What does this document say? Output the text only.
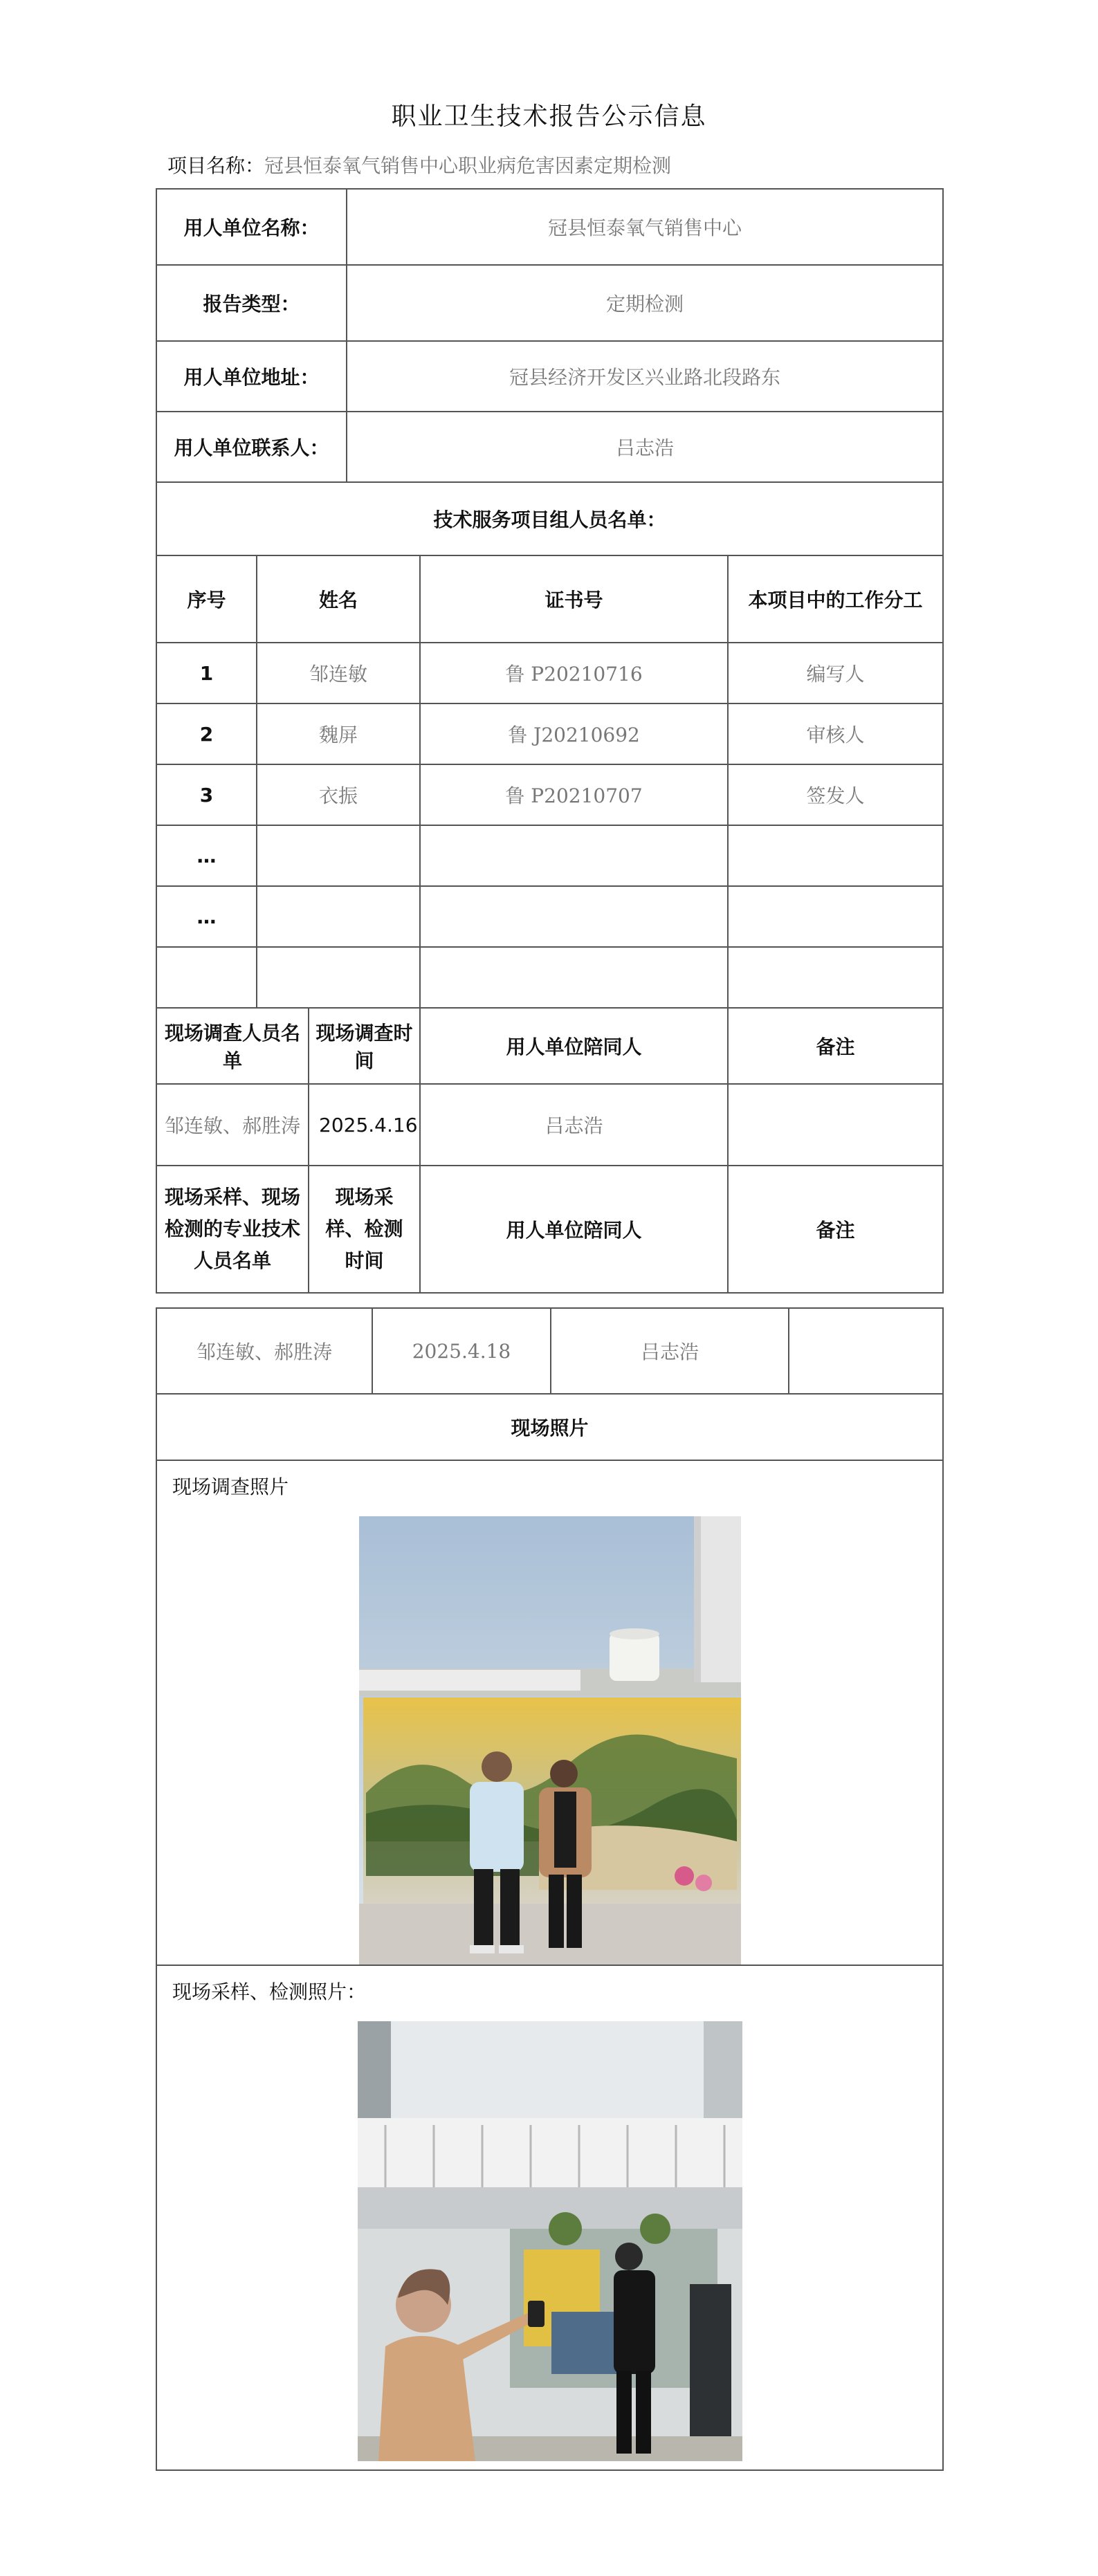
职业卫生技术报告公示信息
项目名称：冠县恒泰氧气销售中心职业病危害因素定期检测
用人单位名称：			冠县恒泰氧气销售中心		
报告类型：			定期检测		
用人单位地址：			冠县经济开发区兴业路北段路东		
用人单位联系人：			吕志浩		
技术服务项目组人员名单：					
序号	姓名			证书号	本项目中的工作分工
1	邹连敏			鲁 P20210716	编写人
2	魏屏			鲁 J20210692	审核人
3	衣振			鲁 P20210707	签发人
…					
…					

现场调查人员名单		现场调查时间		用人单位陪同人	备注
邹连敏、郝胜涛		2025.4.16		吕志浩	
现场采样、现场检测的专业技术人员名单		现场采样、检测时间		用人单位陪同人	备注
邹连敏、郝胜涛	2025.4.18	吕志浩	
现场照片

现场调查照片

现场采样、检测照片：
